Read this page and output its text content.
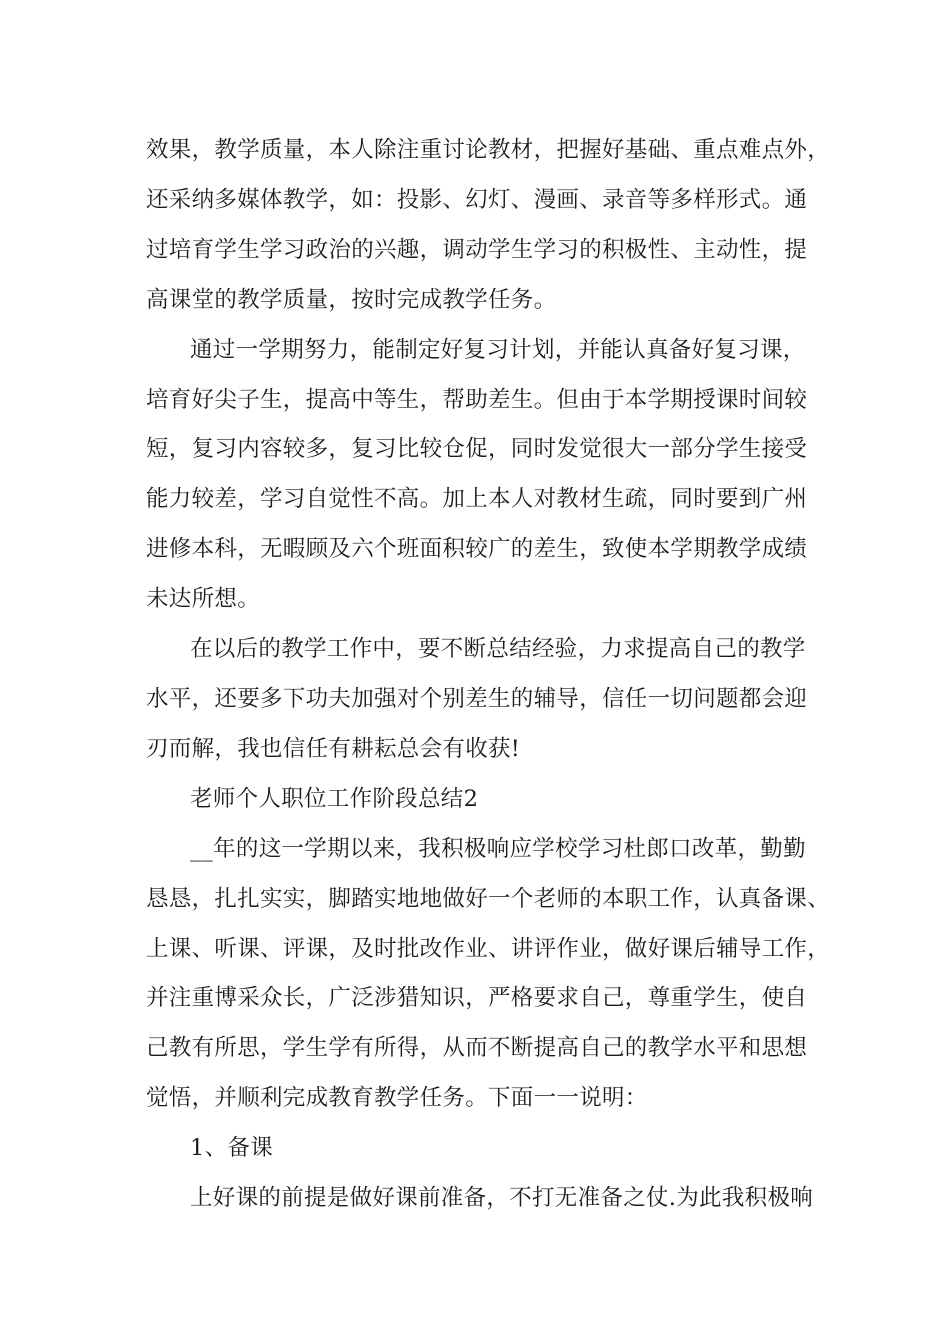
效果，教学质量，本人除注重讨论教材，把握好基础、重点难点外，
还采纳多媒体教学，如：投影、幻灯、漫画、录音等多样形式。通
过培育学生学习政治的兴趣，调动学生学习的积极性、主动性，提
高课堂的教学质量，按时完成教学任务。
通过一学期努力，能制定好复习计划，并能认真备好复习课，
培育好尖子生，提高中等生，帮助差生。但由于本学期授课时间较
短，复习内容较多，复习比较仓促，同时发觉很大一部分学生接受
能力较差，学习自觉性不高。加上本人对教材生疏，同时要到广州
进修本科，无暇顾及六个班面积较广的差生，致使本学期教学成绩
未达所想。
在以后的教学工作中，要不断总结经验，力求提高自己的教学
水平，还要多下功夫加强对个别差生的辅导，信任一切问题都会迎
刃而解，我也信任有耕耘总会有收获!
老师个人职位工作阶段总结2
__年的这一学期以来，我积极响应学校学习杜郎口改革，勤勤
恳恳，扎扎实实，脚踏实地地做好一个老师的本职工作，认真备课、
上课、听课、评课，及时批改作业、讲评作业，做好课后辅导工作，
并注重博采众长，广泛涉猎知识，严格要求自己，尊重学生，使自
己教有所思，学生学有所得，从而不断提高自己的教学水平和思想
觉悟，并顺利完成教育教学任务。下面一一说明：
1、备课
上好课的前提是做好课前准备，不打无准备之仗.为此我积极响
